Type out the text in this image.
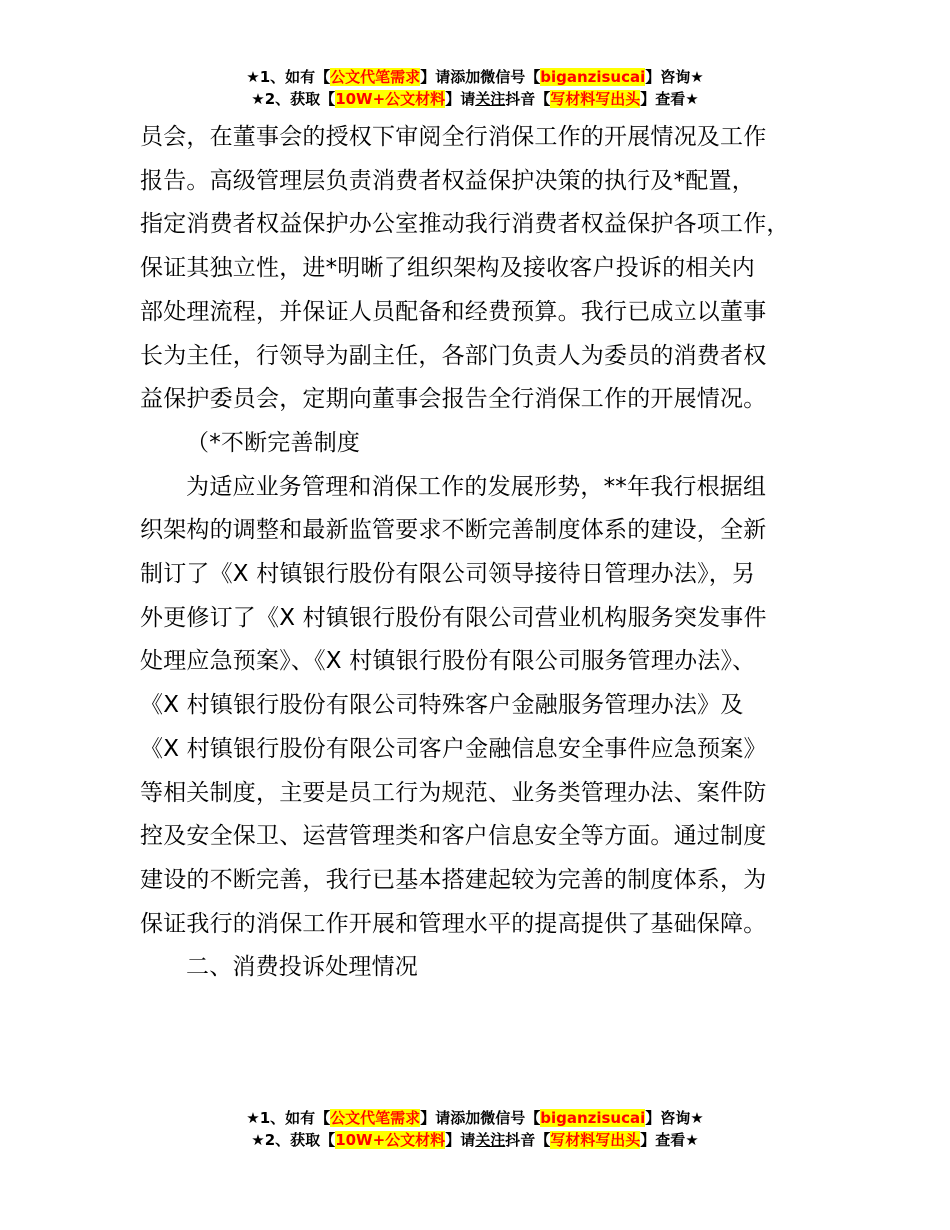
★1、如有【公文代笔需求】请添加微信号【biganzisucai】咨询★
★2、获取【10W+公文材料】请关注抖音【写材料写出头】查看★
员会，在董事会的授权下审阅全行消保工作的开展情况及工作
报告。高级管理层负责消费者权益保护决策的执行及*配置，
指定消费者权益保护办公室推动我行消费者权益保护各项工作，
保证其独立性，进*明晰了组织架构及接收客户投诉的相关内
部处理流程，并保证人员配备和经费预算。我行已成立以董事
长为主任，行领导为副主任，各部门负责人为委员的消费者权
益保护委员会，定期向董事会报告全行消保工作的开展情况。
（*不断完善制度
为适应业务管理和消保工作的发展形势，**年我行根据组
织架构的调整和最新监管要求不断完善制度体系的建设，全新
制订了《X 村镇银行股份有限公司领导接待日管理办法》，另
外更修订了《X 村镇银行股份有限公司营业机构服务突发事件
处理应急预案》、《X 村镇银行股份有限公司服务管理办法》、
《X 村镇银行股份有限公司特殊客户金融服务管理办法》及
《X 村镇银行股份有限公司客户金融信息安全事件应急预案》
等相关制度，主要是员工行为规范、业务类管理办法、案件防
控及安全保卫、运营管理类和客户信息安全等方面。通过制度
建设的不断完善，我行已基本搭建起较为完善的制度体系，为
保证我行的消保工作开展和管理水平的提高提供了基础保障。
二、消费投诉处理情况
★1、如有【公文代笔需求】请添加微信号【biganzisucai】咨询★
★2、获取【10W+公文材料】请关注抖音【写材料写出头】查看★
